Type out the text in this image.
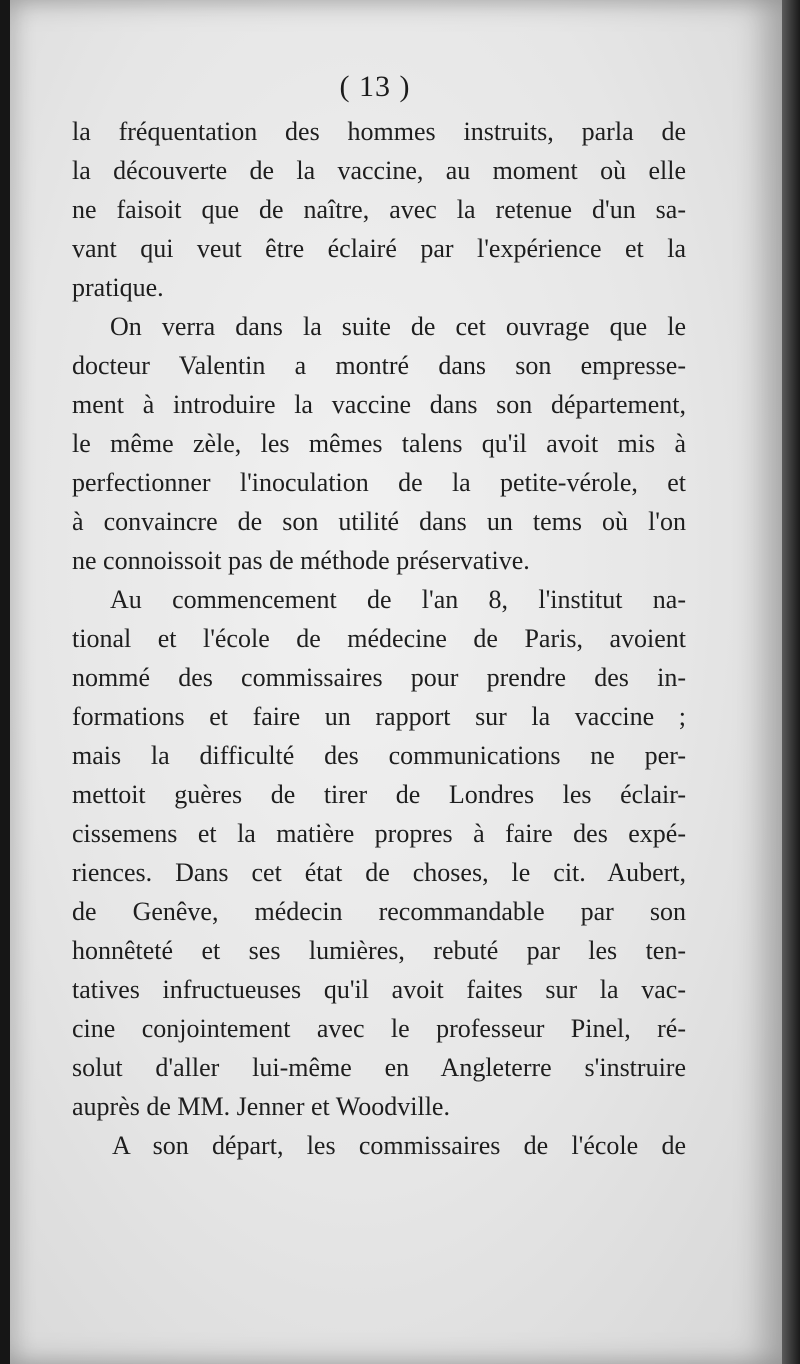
( 13 )
la fréquentation des hommes instruits, parla de
la découverte de la vaccine, au moment où elle
ne faisoit que de naître, avec la retenue d'un sa-
vant qui veut être éclairé par l'expérience et la
pratique.
On verra dans la suite de cet ouvrage que le
docteur Valentin a montré dans son empresse-
ment à introduire la vaccine dans son département,
le même zèle, les mêmes talens qu'il avoit mis à
perfectionner l'inoculation de la petite-vérole, et
à convaincre de son utilité dans un tems où l'on
ne connoissoit pas de méthode préservative.
Au commencement de l'an 8, l'institut na-
tional et l'école de médecine de Paris, avoient
nommé des commissaires pour prendre des in-
formations et faire un rapport sur la vaccine ;
mais la difficulté des communications ne per-
mettoit guères de tirer de Londres les éclair-
cissemens et la matière propres à faire des expé-
riences. Dans cet état de choses, le cit. Aubert,
de Genêve, médecin recommandable par son
honnêteté et ses lumières, rebuté par les ten-
tatives infructueuses qu'il avoit faites sur la vac-
cine conjointement avec le professeur Pinel, ré-
solut d'aller lui-même en Angleterre s'instruire
auprès de MM. Jenner et Woodville.
A son départ, les commissaires de l'école de
